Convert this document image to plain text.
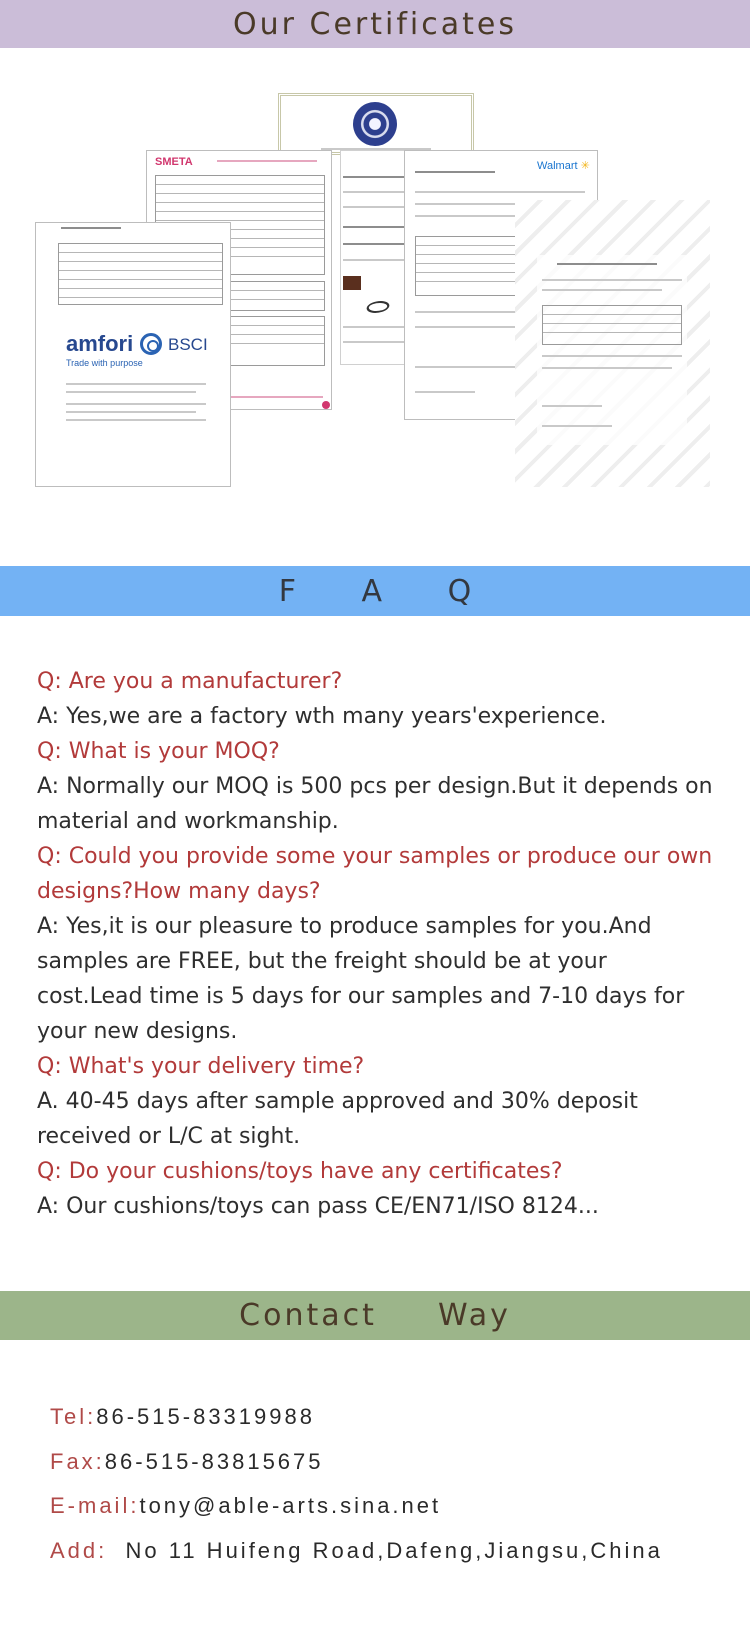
Our Certificates
SMETA	Walmart ✳
amfori BSCI
Trade with purpose
F A Q
Q: Are you a manufacturer?
A: Yes,we are a factory wth many years'experience.
Q: What is your MOQ?
A: Normally our MOQ is 500 pcs per design.But it depends on material and workmanship.
Q: Could you provide some your samples or produce our own designs?How many days?
A: Yes,it is our pleasure to produce samples for you.And samples are FREE, but the freight should be at your cost.Lead time is 5 days for our samples and 7-10 days for your new designs.
Q: What's your delivery time?
A. 40-45 days after sample approved and 30% deposit received or L/C at sight.
Q: Do your cushions/toys have any certificates?
A: Our cushions/toys can pass CE/EN71/ISO 8124...
Contact  Way
Tel:86-515-83319988
Fax:86-515-83815675
E-mail:tony@able-arts.sina.net
Add: No 11 Huifeng Road,Dafeng,Jiangsu,China
